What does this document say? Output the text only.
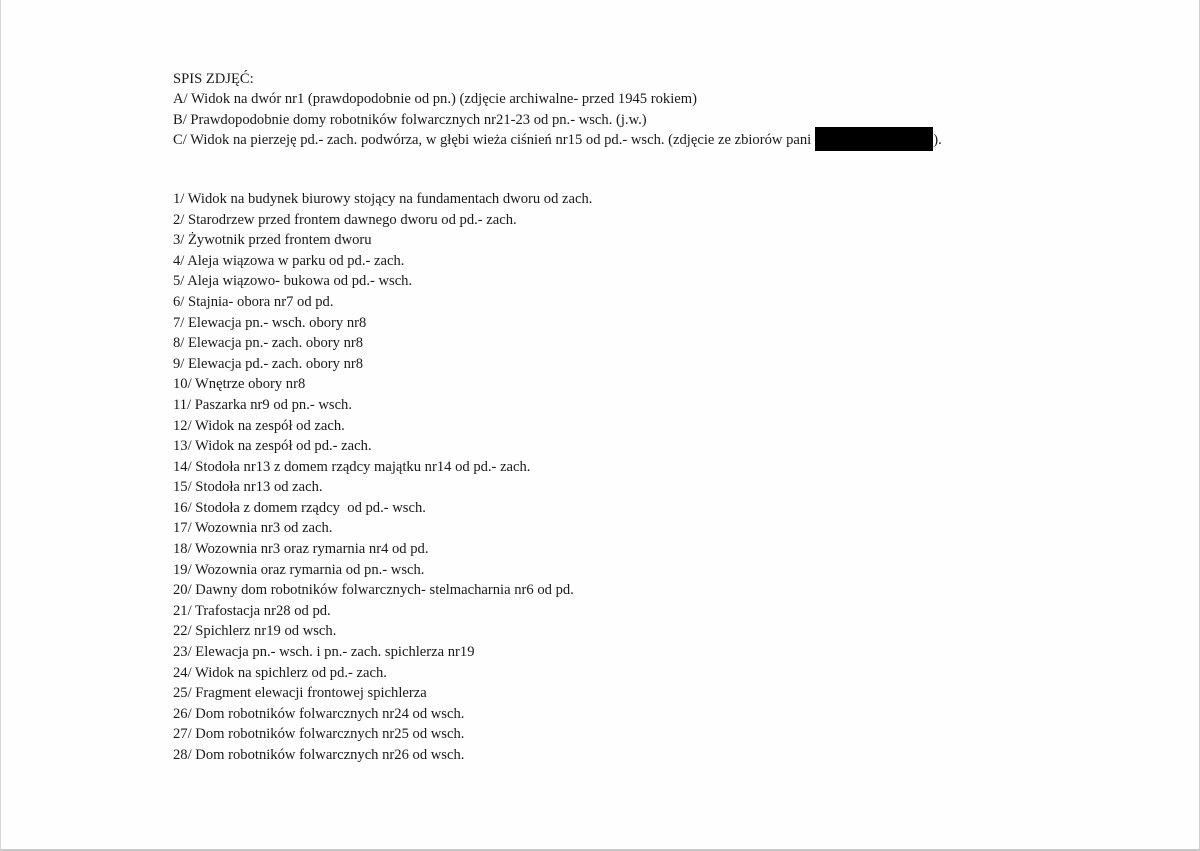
SPIS ZDJĘĆ:
A/ Widok na dwór nr1 (prawdopodobnie od pn.) (zdjęcie archiwalne- przed 1945 rokiem)
B/ Prawdopodobnie domy robotników folwarcznych nr21-23 od pn.- wsch. (j.w.)
C/ Widok na pierzeję pd.- zach. podwórza, w głębi wieża ciśnień nr15 od pd.- wsch. (zdjęcie ze zbiorów pani	).
1/ Widok na budynek biurowy stojący na fundamentach dworu od zach.
2/ Starodrzew przed frontem dawnego dworu od pd.- zach.
3/ Żywotnik przed frontem dworu
4/ Aleja wiązowa w parku od pd.- zach.
5/ Aleja wiązowo- bukowa od pd.- wsch.
6/ Stajnia- obora nr7 od pd.
7/ Elewacja pn.- wsch. obory nr8
8/ Elewacja pn.- zach. obory nr8
9/ Elewacja pd.- zach. obory nr8
10/ Wnętrze obory nr8
11/ Paszarka nr9 od pn.- wsch.
12/ Widok na zespół od zach.
13/ Widok na zespół od pd.- zach.
14/ Stodoła nr13 z domem rządcy majątku nr14 od pd.- zach.
15/ Stodoła nr13 od zach.
16/ Stodoła z domem rządcy  od pd.- wsch.
17/ Wozownia nr3 od zach.
18/ Wozownia nr3 oraz rymarnia nr4 od pd.
19/ Wozownia oraz rymarnia od pn.- wsch.
20/ Dawny dom robotników folwarcznych- stelmacharnia nr6 od pd.
21/ Trafostacja nr28 od pd.
22/ Spichlerz nr19 od wsch.
23/ Elewacja pn.- wsch. i pn.- zach. spichlerza nr19
24/ Widok na spichlerz od pd.- zach.
25/ Fragment elewacji frontowej spichlerza
26/ Dom robotników folwarcznych nr24 od wsch.
27/ Dom robotników folwarcznych nr25 od wsch.
28/ Dom robotników folwarcznych nr26 od wsch.
